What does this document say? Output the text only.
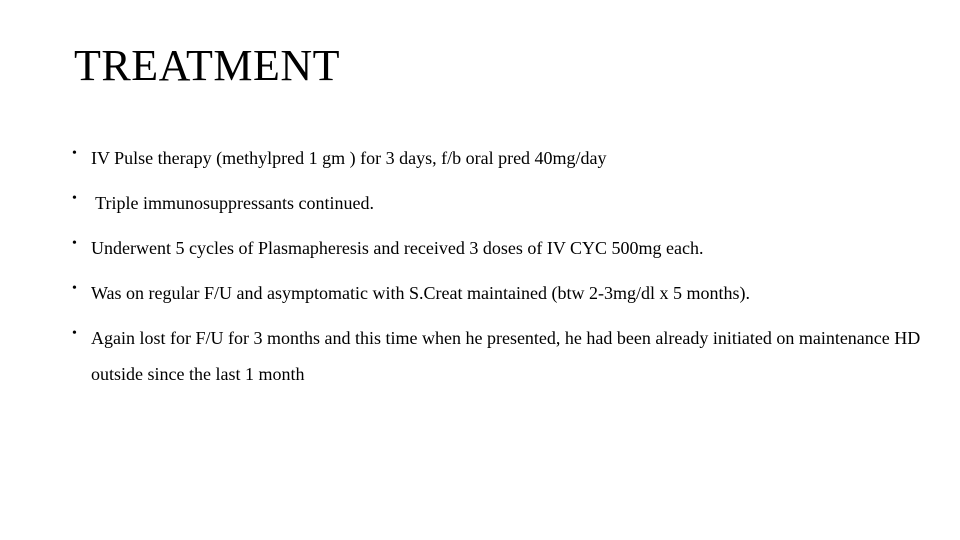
TREATMENT
• IV Pulse therapy (methylpred 1 gm ) for 3 days, f/b oral pred 40mg/day
• Triple immunosuppressants continued.
• Underwent 5 cycles of Plasmapheresis and received 3 doses of IV CYC 500mg each.
• Was on regular F/U and asymptomatic with S.Creat maintained (btw 2-3mg/dl x 5 months).
• Again lost for F/U for 3 months and this time when he presented, he had been already initiated on maintenance HD outside since the last 1 month
